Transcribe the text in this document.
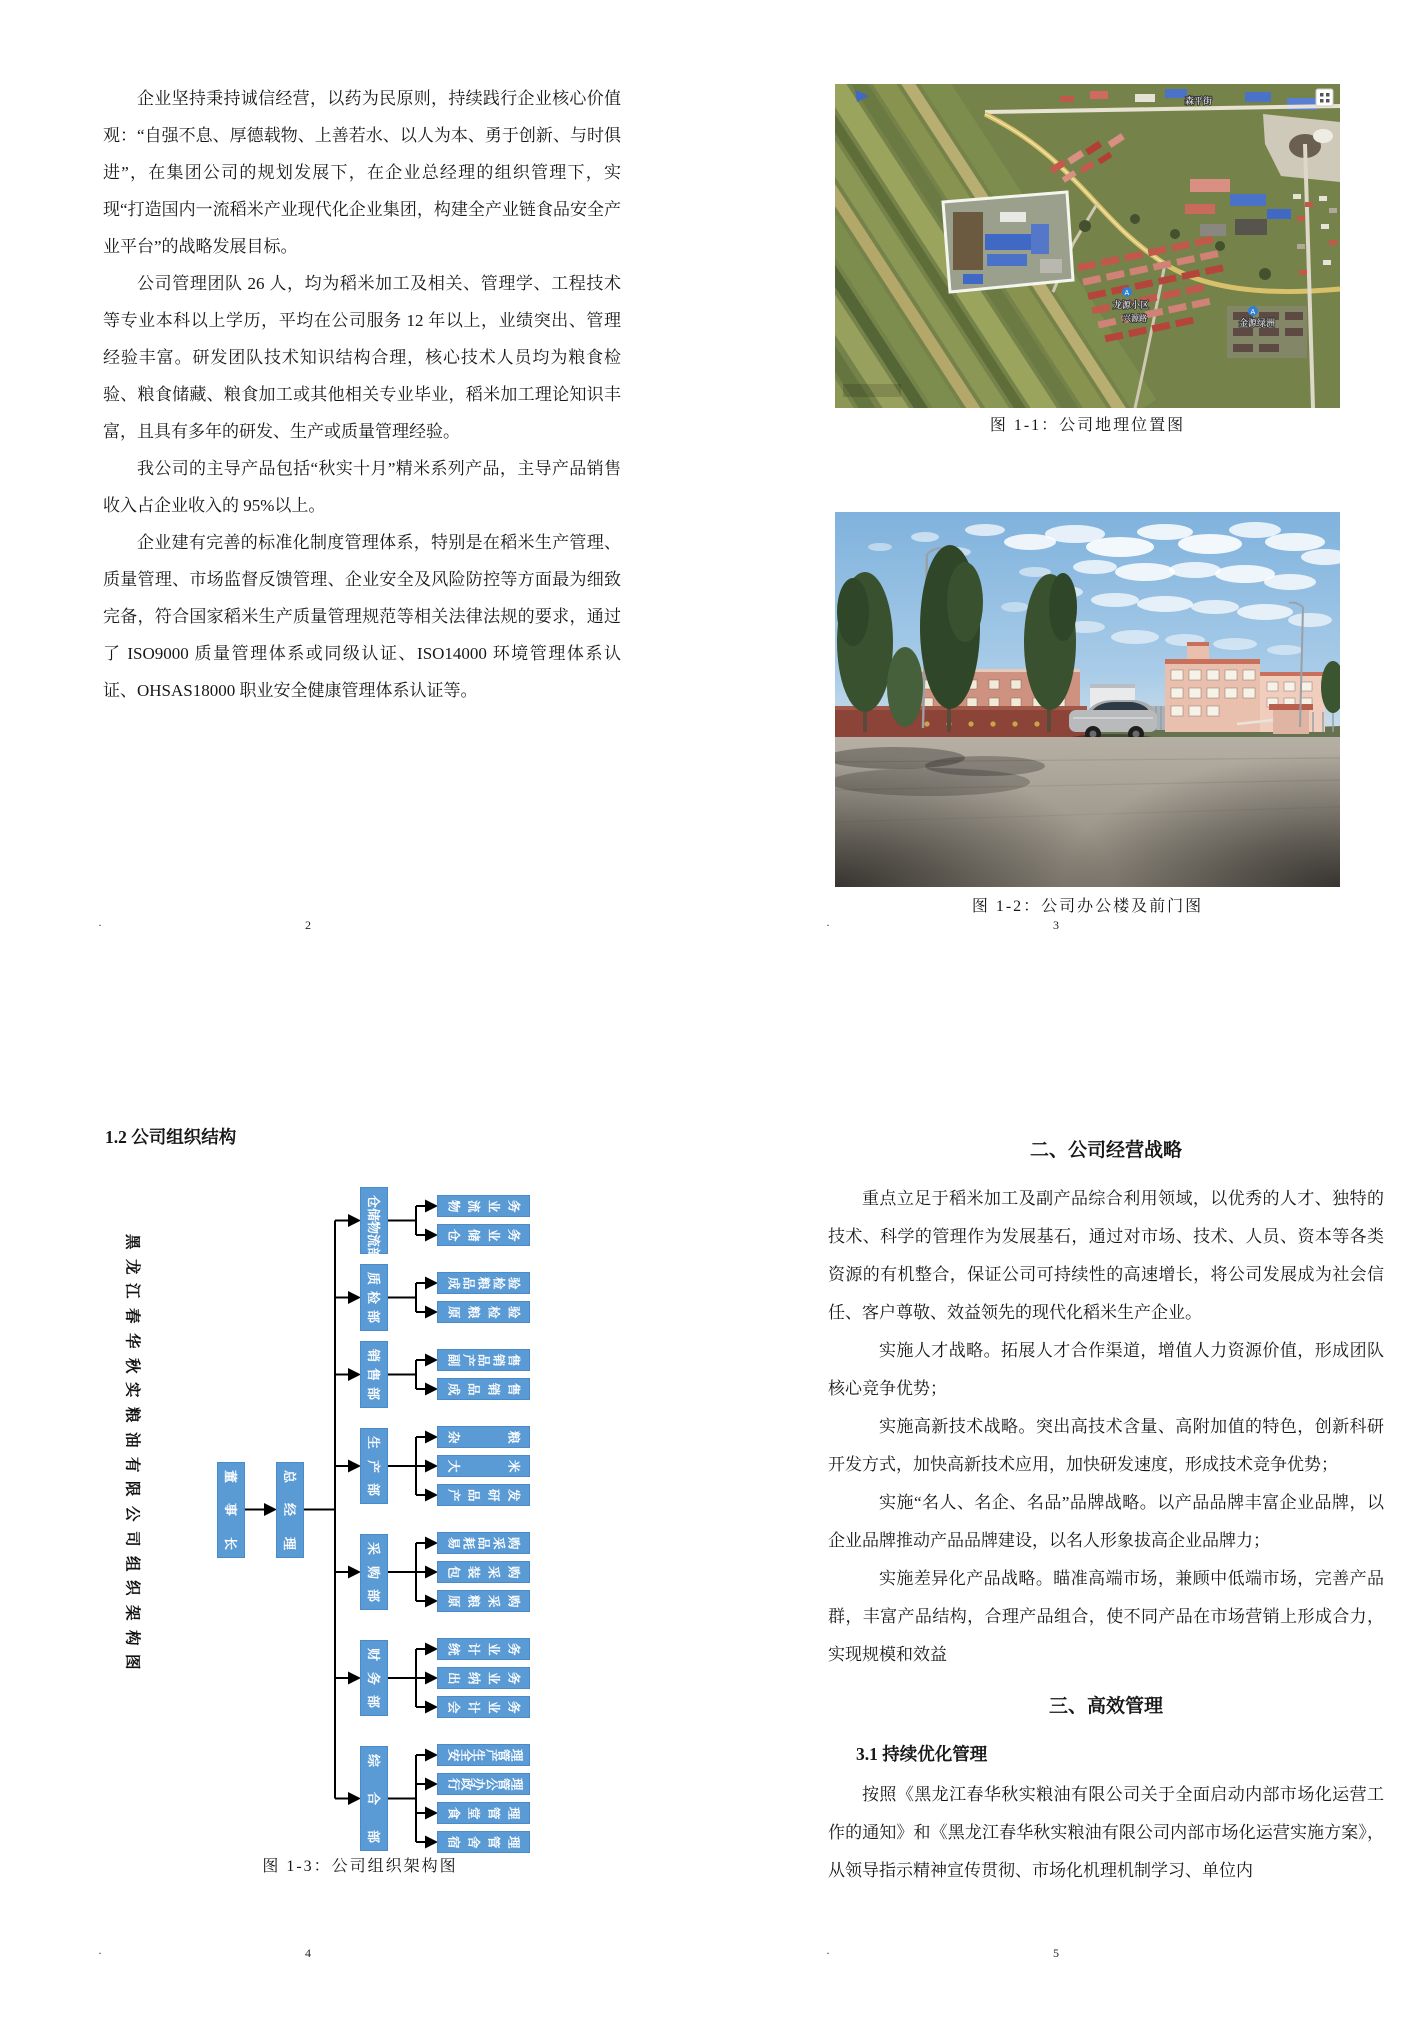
企业坚持秉持诚信经营，以药为民原则，持续践行企业核心价值观：“自强不息、厚德载物、上善若水、以人为本、勇于创新、与时俱进”，在集团公司的规划发展下，在企业总经理的组织管理下，实现“打造国内一流稻米产业现代化企业集团，构建全产业链食品安全产业平台”的战略发展目标。

公司管理团队 26 人，均为稻米加工及相关、管理学、工程技术等专业本科以上学历，平均在公司服务 12 年以上，业绩突出、管理经验丰富。研发团队技术知识结构合理，核心技术人员均为粮食检验、粮食储藏、粮食加工或其他相关专业毕业，稻米加工理论知识丰富，且具有多年的研发、生产或质量管理经验。

我公司的主导产品包括“秋实十月”精米系列产品，主导产品销售收入占企业收入的 95%以上。

企业建有完善的标准化制度管理体系，特别是在稻米生产管理、质量管理、市场监督反馈管理、企业安全及风险防控等方面最为细致完备，符合国家稻米生产质量管理规范等相关法律法规的要求，通过了 ISO9000 质量管理体系或同级认证、ISO14000 环境管理体系认证、OHSAS18000 职业安全健康管理体系认证等。

·	2
森平街
龙源小区
兴源路	金源绿洲
A
A
图 1-1：公司地理位置图
图 1-2：公司办公楼及前门图
·	3
1.2 公司组织结构
黑
龙
江
春
华
秋
实
粮
油
有
限
公
司
组
织
架
构
图
物 流 业 务
仓 储 业 务
仓
储
物
流
部
成 品 粮 检 验
原 粮 检 验
质
检
部
副 产 品 销 售
成 品 销 售
销
售
部
杂	粮
大	米
产 品 研 发
生
产
部
易 耗 品 采 购
包 装 采 购
原 粮 采 购
采
购
部
统 计 业 务
出 纳 业 务
会 计 业 务
财
务
部
安
全
生
产
管
理
行
政
办
公
管
理
食 堂 管 理
宿 舍 管 理
综
合
部
董
事
长
总
经
理
图 1-3：公司组织架构图
·	4
二、公司经营战略

重点立足于稻米加工及副产品综合利用领域，以优秀的人才、独特的技术、科学的管理作为发展基石，通过对市场、技术、人员、资本等各类资源的有机整合，保证公司可持续性的高速增长，将公司发展成为社会信任、客户尊敬、效益领先的现代化稻米生产企业。

实施人才战略。拓展人才合作渠道，增值人力资源价值，形成团队核心竞争优势；

实施高新技术战略。突出高技术含量、高附加值的特色，创新科研开发方式，加快高新技术应用，加快研发速度，形成技术竞争优势；

实施“名人、名企、名品”品牌战略。以产品品牌丰富企业品牌，以企业品牌推动产品品牌建设，以名人形象拔高企业品牌力；

实施差异化产品战略。瞄准高端市场，兼顾中低端市场，完善产品群，丰富产品结构，合理产品组合，使不同产品在市场营销上形成合力，实现规模和效益

三、高效管理
3.1 持续优化管理

按照《黑龙江春华秋实粮油有限公司关于全面启动内部市场化运营工作的通知》和《黑龙江春华秋实粮油有限公司内部市场化运营实施方案》，从领导指示精神宣传贯彻、市场化机理机制学习、单位内

·	5
